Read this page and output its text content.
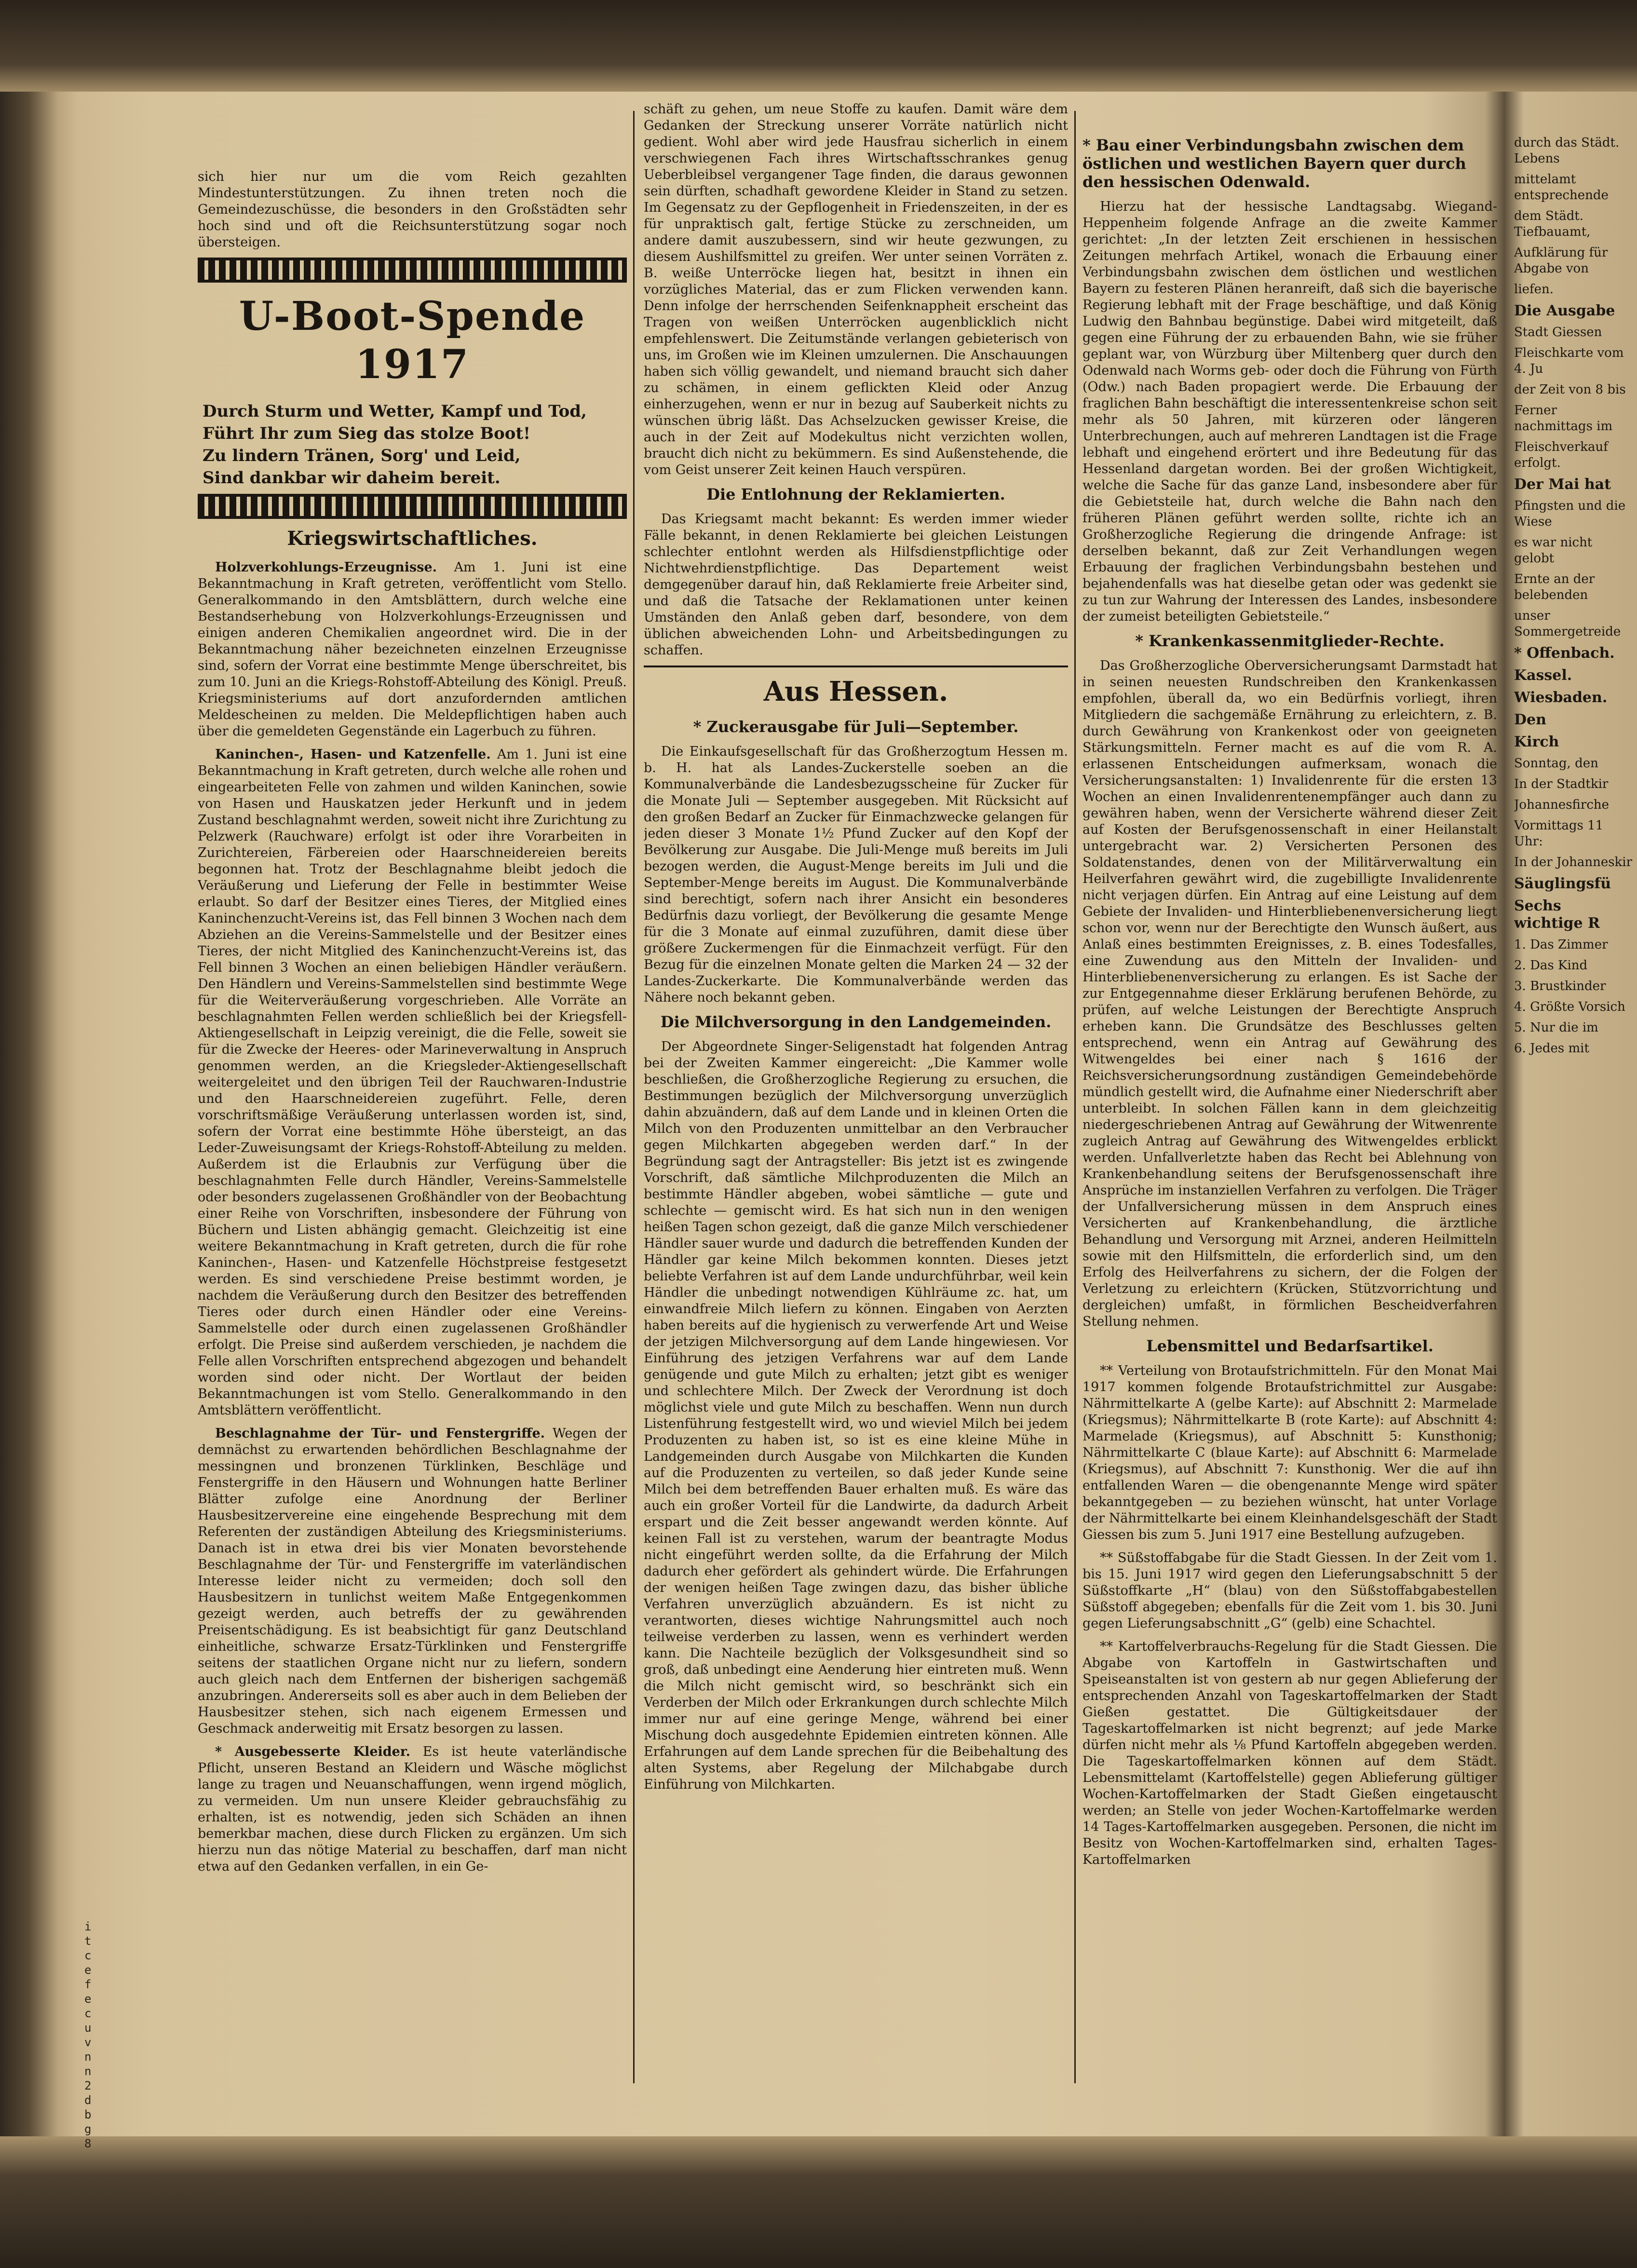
i
t
c
e
f
e
c
u
v
n
n
2
d
b
g
8

sich hier nur um die vom Reich gezahlten Mindestunterstützungen. Zu ihnen treten noch die Gemeindezuschüsse, die besonders in den Großstädten sehr hoch sind und oft die Reichsunterstützung sogar noch übersteigen.

U-Boot-Spende 1917
Durch Sturm und Wetter, Kampf und Tod,
Führt Ihr zum Sieg das stolze Boot!
Zu lindern Tränen, Sorg' und Leid,
Sind dankbar wir daheim bereit.
Kriegswirtschaftliches.

Holzverkohlungs-Erzeugnisse. Am 1. Juni ist eine Bekanntmachung in Kraft getreten, veröffentlicht vom Stello. Generalkommando in den Amtsblättern, durch welche eine Bestandserhebung von Holzverkohlungs-Erzeugnissen und einigen anderen Chemikalien angeordnet wird. Die in der Bekanntmachung näher bezeichneten einzelnen Erzeugnisse sind, sofern der Vorrat eine bestimmte Menge überschreitet, bis zum 10. Juni an die Kriegs-Rohstoff-Abteilung des Königl. Preuß. Kriegsministeriums auf dort anzufordernden amtlichen Meldescheinen zu melden. Die Meldepflichtigen haben auch über die gemeldeten Gegenstände ein Lagerbuch zu führen.

Kaninchen-, Hasen- und Katzenfelle. Am 1. Juni ist eine Bekanntmachung in Kraft getreten, durch welche alle rohen und eingearbeiteten Felle von zahmen und wilden Kaninchen, sowie von Hasen und Hauskatzen jeder Herkunft und in jedem Zustand beschlagnahmt werden, soweit nicht ihre Zurichtung zu Pelzwerk (Rauchware) erfolgt ist oder ihre Vorarbeiten in Zurichtereien, Färbereien oder Haarschneidereien bereits begonnen hat. Trotz der Beschlagnahme bleibt jedoch die Veräußerung und Lieferung der Felle in bestimmter Weise erlaubt. So darf der Besitzer eines Tieres, der Mitglied eines Kaninchenzucht-Vereins ist, das Fell binnen 3 Wochen nach dem Abziehen an die Vereins-Sammelstelle und der Besitzer eines Tieres, der nicht Mitglied des Kaninchenzucht-Vereins ist, das Fell binnen 3 Wochen an einen beliebigen Händler veräußern. Den Händlern und Vereins-Sammelstellen sind bestimmte Wege für die Weiterveräußerung vorgeschrieben. Alle Vorräte an beschlagnahmten Fellen werden schließlich bei der Kriegsfell-Aktiengesellschaft in Leipzig vereinigt, die die Felle, soweit sie für die Zwecke der Heeres- oder Marineverwaltung in Anspruch genommen werden, an die Kriegsleder-Aktiengesellschaft weitergeleitet und den übrigen Teil der Rauchwaren-Industrie und den Haarschneidereien zugeführt. Felle, deren vorschriftsmäßige Veräußerung unterlassen worden ist, sind, sofern der Vorrat eine bestimmte Höhe übersteigt, an das Leder-Zuweisungsamt der Kriegs-Rohstoff-Abteilung zu melden. Außerdem ist die Erlaubnis zur Verfügung über die beschlagnahmten Felle durch Händler, Vereins-Sammelstelle oder besonders zugelassenen Großhändler von der Beobachtung einer Reihe von Vorschriften, insbesondere der Führung von Büchern und Listen abhängig gemacht. Gleichzeitig ist eine weitere Bekanntmachung in Kraft getreten, durch die für rohe Kaninchen-, Hasen- und Katzenfelle Höchstpreise festgesetzt werden. Es sind verschiedene Preise bestimmt worden, je nachdem die Veräußerung durch den Besitzer des betreffenden Tieres oder durch einen Händler oder eine Vereins-Sammelstelle oder durch einen zugelassenen Großhändler erfolgt. Die Preise sind außerdem verschieden, je nachdem die Felle allen Vorschriften entsprechend abgezogen und behandelt worden sind oder nicht. Der Wortlaut der beiden Bekanntmachungen ist vom Stello. Generalkommando in den Amtsblättern veröffentlicht.

Beschlagnahme der Tür- und Fenstergriffe. Wegen der demnächst zu erwartenden behördlichen Beschlagnahme der messingnen und bronzenen Türklinken, Beschläge und Fenstergriffe in den Häusern und Wohnungen hatte Berliner Blätter zufolge eine Anordnung der Berliner Hausbesitzervereine eine eingehende Besprechung mit dem Referenten der zuständigen Abteilung des Kriegsministeriums. Danach ist in etwa drei bis vier Monaten bevorstehende Beschlagnahme der Tür- und Fenstergriffe im vaterländischen Interesse leider nicht zu vermeiden; doch soll den Hausbesitzern in tunlichst weitem Maße Entgegenkommen gezeigt werden, auch betreffs der zu gewährenden Preisentschädigung. Es ist beabsichtigt für ganz Deutschland einheitliche, schwarze Ersatz-Türklinken und Fenstergriffe seitens der staatlichen Organe nicht nur zu liefern, sondern auch gleich nach dem Entfernen der bisherigen sachgemäß anzubringen. Andererseits soll es aber auch in dem Belieben der Hausbesitzer stehen, sich nach eigenem Ermessen und Geschmack anderweitig mit Ersatz besorgen zu lassen.

* Ausgebesserte Kleider. Es ist heute vaterländische Pflicht, unseren Bestand an Kleidern und Wäsche möglichst lange zu tragen und Neuanschaffungen, wenn irgend möglich, zu vermeiden. Um nun unsere Kleider gebrauchsfähig zu erhalten, ist es notwendig, jeden sich Schäden an ihnen bemerkbar machen, diese durch Flicken zu ergänzen. Um sich hierzu nun das nötige Material zu beschaffen, darf man nicht etwa auf den Gedanken verfallen, in ein Ge-

schäft zu gehen, um neue Stoffe zu kaufen. Damit wäre dem Gedanken der Streckung unserer Vorräte natürlich nicht gedient. Wohl aber wird jede Hausfrau sicherlich in einem verschwiegenen Fach ihres Wirtschaftsschrankes genug Ueberbleibsel vergangener Tage finden, die daraus gewonnen sein dürften, schadhaft gewordene Kleider in Stand zu setzen. Im Gegensatz zu der Gepflogenheit in Friedenszeiten, in der es für unpraktisch galt, fertige Stücke zu zerschneiden, um andere damit auszubessern, sind wir heute gezwungen, zu diesem Aushilfsmittel zu greifen. Wer unter seinen Vorräten z. B. weiße Unterröcke liegen hat, besitzt in ihnen ein vorzügliches Material, das er zum Flicken verwenden kann. Denn infolge der herrschenden Seifenknappheit erscheint das Tragen von weißen Unterröcken augenblicklich nicht empfehlenswert. Die Zeitumstände verlangen gebieterisch von uns, im Großen wie im Kleinen umzulernen. Die Anschauungen haben sich völlig gewandelt, und niemand braucht sich daher zu schämen, in einem geflickten Kleid oder Anzug einherzugehen, wenn er nur in bezug auf Sauberkeit nichts zu wünschen übrig läßt. Das Achselzucken gewisser Kreise, die auch in der Zeit auf Modekultus nicht verzichten wollen, braucht dich nicht zu bekümmern. Es sind Außenstehende, die vom Geist unserer Zeit keinen Hauch verspüren.

Die Entlohnung der Reklamierten.

Das Kriegsamt macht bekannt: Es werden immer wieder Fälle bekannt, in denen Reklamierte bei gleichen Leistungen schlechter entlohnt werden als Hilfsdienstpflichtige oder Nichtwehrdienstpflichtige. Das Departement weist demgegenüber darauf hin, daß Reklamierte freie Arbeiter sind, und daß die Tatsache der Reklamationen unter keinen Umständen den Anlaß geben darf, besondere, von dem üblichen abweichenden Lohn- und Arbeitsbedingungen zu schaffen.

Aus Hessen.
* Zuckerausgabe für Juli—September.

Die Einkaufsgesellschaft für das Großherzogtum Hessen m. b. H. hat als Landes-Zuckerstelle soeben an die Kommunalverbände die Landesbezugsscheine für Zucker für die Monate Juli — September ausgegeben. Mit Rücksicht auf den großen Bedarf an Zucker für Einmachzwecke gelangen für jeden dieser 3 Monate 1½ Pfund Zucker auf den Kopf der Bevölkerung zur Ausgabe. Die Juli-Menge muß bereits im Juli bezogen werden, die August-Menge bereits im Juli und die September-Menge bereits im August. Die Kommunalverbände sind berechtigt, sofern nach ihrer Ansicht ein besonderes Bedürfnis dazu vorliegt, der Bevölkerung die gesamte Menge für die 3 Monate auf einmal zuzuführen, damit diese über größere Zuckermengen für die Einmachzeit verfügt. Für den Bezug für die einzelnen Monate gelten die Marken 24 — 32 der Landes-Zuckerkarte. Die Kommunalverbände werden das Nähere noch bekannt geben.

Die Milchversorgung in den Landgemeinden.

Der Abgeordnete Singer-Seligenstadt hat folgenden Antrag bei der Zweiten Kammer eingereicht: „Die Kammer wolle beschließen, die Großherzogliche Regierung zu ersuchen, die Bestimmungen bezüglich der Milchversorgung unverzüglich dahin abzuändern, daß auf dem Lande und in kleinen Orten die Milch von den Produzenten unmittelbar an den Verbraucher gegen Milchkarten abgegeben werden darf.“ In der Begründung sagt der Antragsteller: Bis jetzt ist es zwingende Vorschrift, daß sämtliche Milchproduzenten die Milch an bestimmte Händler abgeben, wobei sämtliche — gute und schlechte — gemischt wird. Es hat sich nun in den wenigen heißen Tagen schon gezeigt, daß die ganze Milch verschiedener Händler sauer wurde und dadurch die betreffenden Kunden der Händler gar keine Milch bekommen konnten. Dieses jetzt beliebte Verfahren ist auf dem Lande undurchführbar, weil kein Händler die unbedingt notwendigen Kühlräume zc. hat, um einwandfreie Milch liefern zu können. Eingaben von Aerzten haben bereits auf die hygienisch zu verwerfende Art und Weise der jetzigen Milchversorgung auf dem Lande hingewiesen. Vor Einführung des jetzigen Verfahrens war auf dem Lande genügende und gute Milch zu erhalten; jetzt gibt es weniger und schlechtere Milch. Der Zweck der Verordnung ist doch möglichst viele und gute Milch zu beschaffen. Wenn nun durch Listenführung festgestellt wird, wo und wieviel Milch bei jedem Produzenten zu haben ist, so ist es eine kleine Mühe in Landgemeinden durch Ausgabe von Milchkarten die Kunden auf die Produzenten zu verteilen, so daß jeder Kunde seine Milch bei dem betreffenden Bauer erhalten muß. Es wäre das auch ein großer Vorteil für die Landwirte, da dadurch Arbeit erspart und die Zeit besser angewandt werden könnte. Auf keinen Fall ist zu verstehen, warum der beantragte Modus nicht eingeführt werden sollte, da die Erfahrung der Milch dadurch eher gefördert als gehindert würde. Die Erfahrungen der wenigen heißen Tage zwingen dazu, das bisher übliche Verfahren unverzüglich abzuändern. Es ist nicht zu verantworten, dieses wichtige Nahrungsmittel auch noch teilweise verderben zu lassen, wenn es verhindert werden kann. Die Nachteile bezüglich der Volksgesundheit sind so groß, daß unbedingt eine Aenderung hier eintreten muß. Wenn die Milch nicht gemischt wird, so beschränkt sich ein Verderben der Milch oder Erkrankungen durch schlechte Milch immer nur auf eine geringe Menge, während bei einer Mischung doch ausgedehnte Epidemien eintreten können. Alle Erfahrungen auf dem Lande sprechen für die Beibehaltung des alten Systems, aber Regelung der Milchabgabe durch Einführung von Milchkarten.

* Bau einer Verbindungsbahn zwischen dem östlichen und westlichen Bayern quer durch den hessischen Odenwald.

Hierzu hat der hessische Landtagsabg. Wiegand-Heppenheim folgende Anfrage an die zweite Kammer gerichtet: „In der letzten Zeit erschienen in hessischen Zeitungen mehrfach Artikel, wonach die Erbauung einer Verbindungsbahn zwischen dem östlichen und westlichen Bayern zu festeren Plänen heranreift, daß sich die bayerische Regierung lebhaft mit der Frage beschäftige, und daß König Ludwig den Bahnbau begünstige. Dabei wird mitgeteilt, daß gegen eine Führung der zu erbauenden Bahn, wie sie früher geplant war, von Würzburg über Miltenberg quer durch den Odenwald nach Worms geb- oder doch die Führung von Fürth (Odw.) nach Baden propagiert werde. Die Erbauung der fraglichen Bahn beschäftigt die interessentenkreise schon seit mehr als 50 Jahren, mit kürzeren oder längeren Unterbrechungen, auch auf mehreren Landtagen ist die Frage lebhaft und eingehend erörtert und ihre Bedeutung für das Hessenland dargetan worden. Bei der großen Wichtigkeit, welche die Sache für das ganze Land, insbesondere aber für die Gebietsteile hat, durch welche die Bahn nach den früheren Plänen geführt werden sollte, richte ich an Großherzogliche Regierung die dringende Anfrage: ist derselben bekannt, daß zur Zeit Verhandlungen wegen Erbauung der fraglichen Verbindungsbahn bestehen und bejahendenfalls was hat dieselbe getan oder was gedenkt sie zu tun zur Wahrung der Interessen des Landes, insbesondere der zumeist beteiligten Gebietsteile.“

* Krankenkassenmitglieder-Rechte.

Das Großherzogliche Oberversicherungsamt Darmstadt hat in seinen neuesten Rundschreiben den Krankenkassen empfohlen, überall da, wo ein Bedürfnis vorliegt, ihren Mitgliedern die sachgemäße Ernährung zu erleichtern, z. B. durch Gewährung von Krankenkost oder von geeigneten Stärkungsmitteln. Ferner macht es auf die vom R. A. erlassenen Entscheidungen aufmerksam, wonach die Versicherungsanstalten: 1) Invalidenrente für die ersten 13 Wochen an einen Invalidenrentenempfänger auch dann zu gewähren haben, wenn der Versicherte während dieser Zeit auf Kosten der Berufsgenossenschaft in einer Heilanstalt untergebracht war. 2) Versicherten Personen des Soldatenstandes, denen von der Militärverwaltung ein Heilverfahren gewährt wird, die zugebilligte Invalidenrente nicht verjagen dürfen. Ein Antrag auf eine Leistung auf dem Gebiete der Invaliden- und Hinterbliebenenversicherung liegt schon vor, wenn nur der Berechtigte den Wunsch äußert, aus Anlaß eines bestimmten Ereignisses, z. B. eines Todesfalles, eine Zuwendung aus den Mitteln der Invaliden- und Hinterbliebenenversicherung zu erlangen. Es ist Sache der zur Entgegennahme dieser Erklärung berufenen Behörde, zu prüfen, auf welche Leistungen der Berechtigte Anspruch erheben kann. Die Grundsätze des Beschlusses gelten entsprechend, wenn ein Antrag auf Gewährung des Witwengeldes bei einer nach § 1616 der Reichsversicherungsordnung zuständigen Gemeindebehörde mündlich gestellt wird, die Aufnahme einer Niederschrift aber unterbleibt. In solchen Fällen kann in dem gleichzeitig niedergeschriebenen Antrag auf Gewährung der Witwenrente zugleich Antrag auf Gewährung des Witwengeldes erblickt werden. Unfallverletzte haben das Recht bei Ablehnung von Krankenbehandlung seitens der Berufsgenossenschaft ihre Ansprüche im instanziellen Verfahren zu verfolgen. Die Träger der Unfallversicherung müssen in dem Anspruch eines Versicherten auf Krankenbehandlung, die ärztliche Behandlung und Versorgung mit Arznei, anderen Heilmitteln sowie mit den Hilfsmitteln, die erforderlich sind, um den Erfolg des Heilverfahrens zu sichern, der die Folgen der Verletzung zu erleichtern (Krücken, Stützvorrichtung und dergleichen) umfaßt, in förmlichen Bescheidverfahren Stellung nehmen.

Lebensmittel und Bedarfsartikel.

** Verteilung von Brotaufstrichmitteln. Für den Monat Mai 1917 kommen folgende Brotaufstrichmittel zur Ausgabe: Nährmittelkarte A (gelbe Karte): auf Abschnitt 2: Marmelade (Kriegsmus); Nährmittelkarte B (rote Karte): auf Abschnitt 4: Marmelade (Kriegsmus), auf Abschnitt 5: Kunsthonig; Nährmittelkarte C (blaue Karte): auf Abschnitt 6: Marmelade (Kriegsmus), auf Abschnitt 7: Kunsthonig. Wer die auf ihn entfallenden Waren — die obengenannte Menge wird später bekanntgegeben — zu beziehen wünscht, hat unter Vorlage der Nährmittelkarte bei einem Kleinhandelsgeschäft der Stadt Giessen bis zum 5. Juni 1917 eine Bestellung aufzugeben.

** Süßstoffabgabe für die Stadt Giessen. In der Zeit vom 1. bis 15. Juni 1917 wird gegen den Lieferungsabschnitt 5 der Süßstoffkarte „H“ (blau) von den Süßstoffabgabestellen Süßstoff abgegeben; ebenfalls für die Zeit vom 1. bis 30. Juni gegen Lieferungsabschnitt „G“ (gelb) eine Schachtel.

** Kartoffelverbrauchs-Regelung für die Stadt Giessen. Die Abgabe von Kartoffeln in Gastwirtschaften und Speiseanstalten ist von gestern ab nur gegen Ablieferung der entsprechenden Anzahl von Tageskartoffelmarken der Stadt Gießen gestattet. Die Gültigkeitsdauer der Tageskartoffelmarken ist nicht begrenzt; auf jede Marke dürfen nicht mehr als ⅛ Pfund Kartoffeln abgegeben werden. Die Tageskartoffelmarken können auf dem Städt. Lebensmittelamt (Kartoffelstelle) gegen Ablieferung gültiger Wochen-Kartoffelmarken der Stadt Gießen eingetauscht werden; an Stelle von jeder Wochen-Kartoffelmarke werden 14 Tages-Kartoffelmarken ausgegeben. Personen, die nicht im Besitz von Wochen-Kartoffelmarken sind, erhalten Tages-Kartoffelmarken

durch das Städt. Lebens

mittelamt entsprechende

dem Städt. Tiefbauamt,

Aufklärung für Abgabe von

liefen.

Die Ausgabe

Stadt Giessen

Fleischkarte vom 4. Ju

der Zeit von 8 bis

Ferner nachmittags im

Fleischverkauf erfolgt.

Der Mai hat

Pfingsten und die Wiese

es war nicht gelobt

Ernte an der belebenden

unser Sommergetreide

* Offenbach.

Kassel.

Wiesbaden.

Den

Kirch

Sonntag, den

In der Stadtkir

Johannesfirche

Vormittags 11 Uhr:

In der Johanneskir

Säuglingsfü

Sechs wichtige R

1. Das Zimmer

2. Das Kind

3. Brustkinder

4. Größte Vorsich

5. Nur die im

6. Jedes mit
